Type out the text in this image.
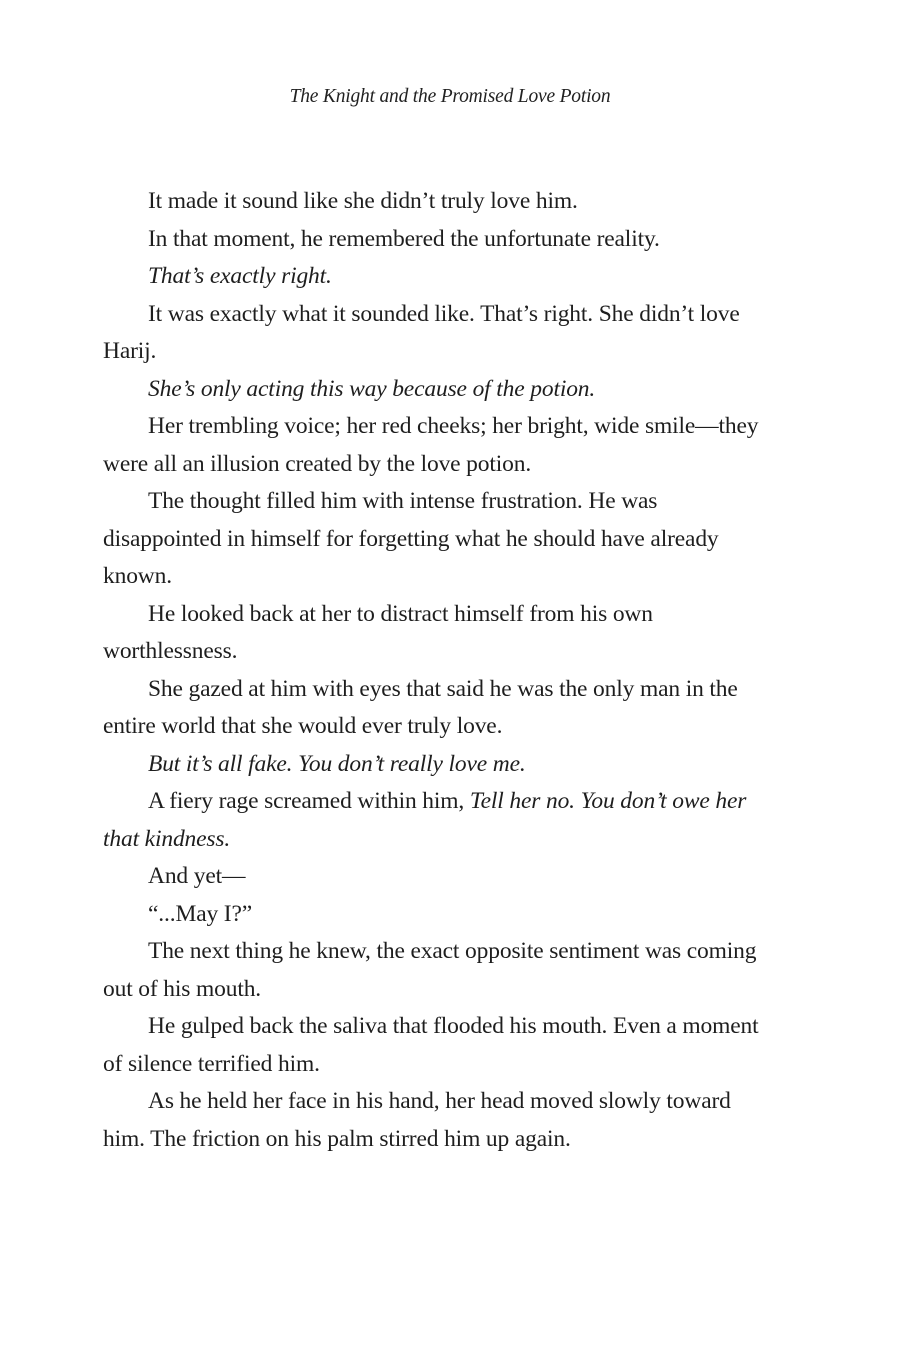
The Knight and the Promised Love Potion

It made it sound like she didn’t truly love him.

In that moment, he remembered the unfortunate reality.

That’s exactly right.

It was exactly what it sounded like. That’s right. She didn’t love Harij.

She’s only acting this way because of the potion.

Her trembling voice; her red cheeks; her bright, wide smile—they were all an illusion created by the love potion.

The thought filled him with intense frustration. He was disappointed in himself for forgetting what he should have already known.

He looked back at her to distract himself from his own worthlessness.

She gazed at him with eyes that said he was the only man in the entire world that she would ever truly love.

But it’s all fake. You don’t really love me.

A fiery rage screamed within him, Tell her no. You don’t owe her that kindness.

And yet—

“...May I?”

The next thing he knew, the exact opposite sentiment was coming out of his mouth.

He gulped back the saliva that flooded his mouth. Even a moment of silence terrified him.

As he held her face in his hand, her head moved slowly toward him. The friction on his palm stirred him up again.
